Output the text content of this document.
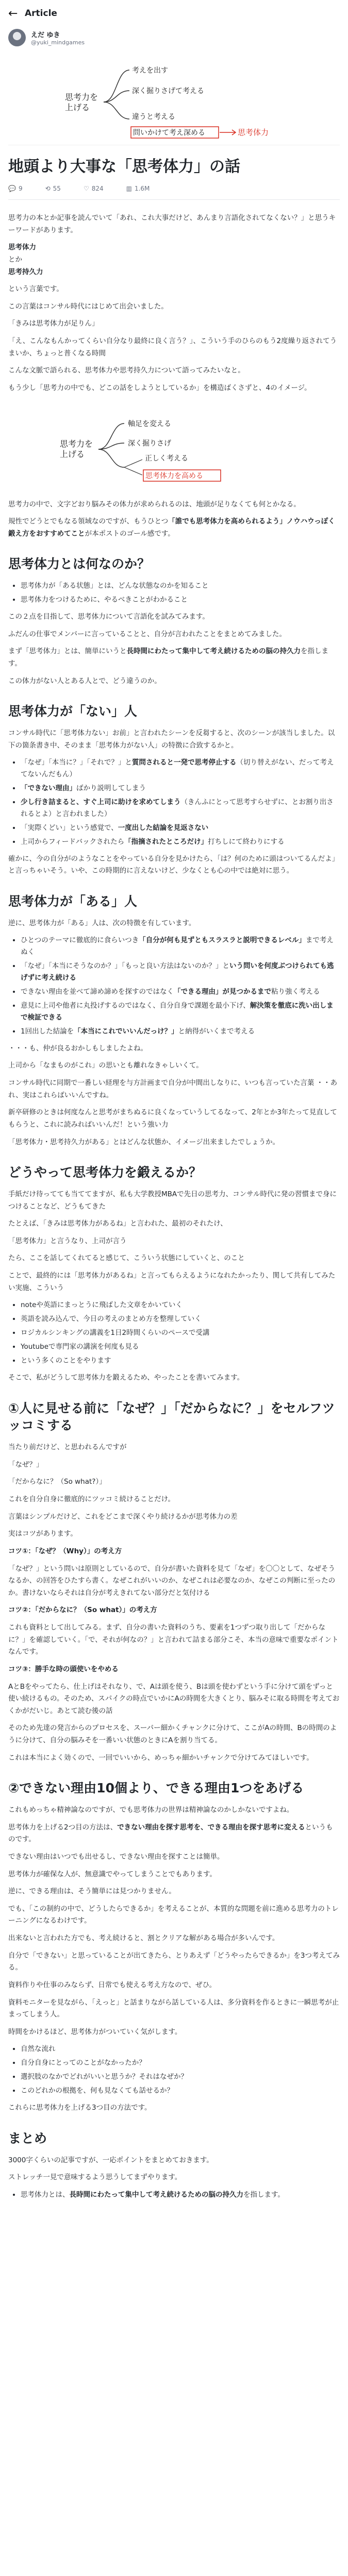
← Article
えだ ゆき
@yuki_mindgames
思考力を
上げる
考えを出す
深く掘りさげて考える
違うと考える
問いかけて考え深める	思考体力
地頭より大事な「思考体力」の話
💬 9	⟲ 55	♡ 824	▥ 1.6M

思考力の本とか記事を読んでいて「あれ、これ大事だけど、あんまり言語化されてなくない？」と思うキーワードがあります。

思考体力
とか
思考持久力

という言葉です。

この言葉はコンサル時代にはじめて出会いました。

「きみは思考体力が足りん」

「え、こんなもんかってくらい自分なり最終に良く言う？」、こういう手のひらのもう2度繰り返されてうまいか、ちょっと普くなる時間

こんな文脈で語られる、思考体力や思考持久力について語ってみたいなと。

もう少し「思考力の中でも、どこの話をしようとしているか」を構造ばくさずと、4のイメージ。

思考力を
上げる
軸足を変える
深く掘りさげ
正しく考える
思考体力を高める

思考力の中で、文字どおり脳みその体力が求められるのは、地頭が足りなくても何とかなる。

規性でどうとでもなる領域なのですが、もうひとつ「誰でも思考体力を高められるよう」ノウハウっぽく鍛え方をおすすめてことが本ポストのゴール感です。

思考体力とは何なのか？
• 思考体力が「ある状態」とは、どんな状態なのかを知ること
• 思考体力をつけるために、やるべきことがわかること

この２点を目指して、思考体力について言語化を試みてみます。

ふだんの仕事でメンバーに言っていることと、自分が言われたことをまとめてみました。

まず「思考体力」とは、簡単にいうと長時間にわたって集中して考え続けるための脳の持久力を指します。

この体力がない人とある人とで、どう違うのか。

思考体力が「ない」人

コンサル時代に「思考体力ない」お前」と言われたシーンを反芻すると、次のシーンが該当しました。以下の箇条書き中、そのまま「思考体力がない人」の特徴に合致するかと。

• 「なぜ」「本当に？」「それで？」と質問されると一発で思考停止する（切り替えがない、だって考えてないんだもん）
• 「できない理由」ばかり説明してしまう
• 少し行き詰まると、すぐ上司に助けを求めてしまう（きんふにとって思考すらせずに、とお割り出されるとよ）と言われました）
• 「実際くどい」という感覚で、一度出した結論を見返さない
• 上司からフィードバックされたら「指摘されたところだけ」打ちしにて終わりにする

確かに、今の自分がのようなことをやっている自分を見かけたら、「は？何のために頭はついてるんだよ」と言っちゃいそう。いや、この時期的に言えないけど、少なくとも心の中では絶対に思う。

思考体力が「ある」人

逆に、思考体力が「ある」人は、次の特徴を有しています。

• ひとつのテーマに徹底的に食らいつき「自分が何も見ずともスラスラと説明できるレベル」まで考えぬく
• 「なぜ」「本当にそうなのか？」「もっと良い方法はないのか？」という問いを何度ぶつけられても逃げずに考え続ける
• できない理由を並べて諦め諦めを探すのではなく「できる理由」が見つかるまで粘り強く考える
• 意見に上司や他者に丸投げするのではなく、自分自身で課題を最小下げ、解決策を徹底に洗い出しまで検証できる
• 1回出した結論を「本当にこれでいいんだっけ？」と納得がいくまで考える

・・・も、仲が良るおかしもしましたよね。

上司から「なまものがこれ」の思いとも離れなきゃしいくて。

コンサル時代に同期で一番しい経理を与方計画まで自分が中間出しなりに、いつも言っていた言葉 ・・あれ、実はこれらばいいんですね。

新卒研修のときは何度なんと思考がまちぬるに良くなっていうしてるなって、2年とか3年たって見直してもらうと、これに読みればいいんだ！という強い力

「思考体力・思考持久力がある」とはどんな状態か、イメージ出来ましたでしょうか。

どうやって思考体力を鍛えるか？

手紙だけ待ってても当ててますが、私も大学教授MBAで先日の思考力、コンサル時代に発の習慣まで身につけることなど、どうもてきた

たとえば、「きみは思考体力があるね」と言われた、最初のそれたけ、

「思考体力」と言うなり、上司が言う

たら、ここを話してくれてると感じて、こういう状態にしていくと、のこと

ことで、最終的には「思考体力があるね」と言ってもらえるようになれたかったり、関して共有してみたい実施、こういう

• noteや英語にまっとうに飛ばした文章をかいていく
• 英語を読み込んで、今日の考えのまとめ方を整理していく
• ロジカルシンキングの講義を1日2時間くらいのペースで受講
• Youtubeで専門家の講演を何度も見る
• という多くのことをやります

そこで、私がどうして思考体力を鍛えるため、やったことを書いてみます。

①人に見せる前に「なぜ？」「だからなに？」をセルフツッコミする

当たり前だけど、と思われるんですが

「なぜ？」

「だからなに？（So what?）」

これを自分自身に徹底的にツッコミ続けることだけ。

言葉はシンプルだけど、これをどこまで深くやり続けるかが思考体力の差

実はコツがあります。

コツ①：「なぜ？（Why）」の考え方

「なぜ？」という問いは原則としているので、自分が書いた資料を見て「なぜ」を〇〇として、なぜそうなるか、の回答をひたすら書く。なぜこれがいいのか、なぜこれは必要なのか、なぜこの判断に至ったのか。書けないならそれは自分が考えきれてない部分だと気付ける

コツ②：「だからなに？（So what）」の考え方

これも資料として出してみる。まず、自分の書いた資料のうち、要素を1つずつ取り出して「だからなに？」を確認していく。「で、それが何なの？」と言われて詰まる部分こそ、本当の意味で重要なポイントなんです。

コツ③：勝手な時の頭使いをやめる

AとBをやってたら、仕上げはそれなり、で、Aは頭を使う、Bは頭を使わずという手に分けて頭をずっと使い続けるもの。そのため、スパイクの時点でいかにAの時間を大きくとり、脳みそに取る時間を考えておくかがだいじ。あとて読む後の話

そのため先達の発言からのプロセスを、スーパー細かくチャンクに分けて、ここがAの時間、Bの時間のように分けて、自分の脳みそを一番いい状態のときにAを割り当てる。

これは本当によく効くので、一回でいいから、めっちゃ細かいチャンクで分けてみてほしいです。

②できない理由10個より、できる理由1つをあげる

これもめっちゃ精神論なのですが、でも思考体力の世界は精神論なのかしかないですよね。

思考体力を上げる2つ目の方法は、できない理由を探す思考を、できる理由を探す思考に変えるというものです。

できない理由はいつでも出せるし、できない理由を探すことは簡単。

思考体力が確保な人が、無意識でやってしまうことでもあります。

逆に、できる理由は、そう簡単には見つかりません。

でも、「この制約の中で、どうしたらできるか」を考えることが、本質的な問題を前に進める思考力のトレーニングになるわけです。

出来ないと言われた方でも、考え続けると、割とクリアな解がある場合が多いんです。

自分で「できない」と思っていることが出てきたら、とりあえず「どうやったらできるか」を3つ考えてみる。

資料作りや仕事のみならず、日常でも使える考え方なので、ぜひ。

資料モニターを見ながら、「えっと」と話まりながら話している人は、多分資料を作るときに一瞬思考が止まってしまう人。

時間をかけるほど、思考体力がついていく気がします。

• 自然な流れ
• 自分自身にとってのことがなかったか？
• 選択肢のなかでどれがいいと思うか？それはなぜか？
• このどれかの根拠を、何も見なくても話せるか？

これらに思考体力を上げる3つ目の方法です。

まとめ

3000字くらいの記事ですが、一応ポイントをまとめておきます。

ストレッチ一見で意味するよう思うしてまずやります。

• 思考体力とは、長時間にわたって集中して考え続けるための脳の持久力を指します。
